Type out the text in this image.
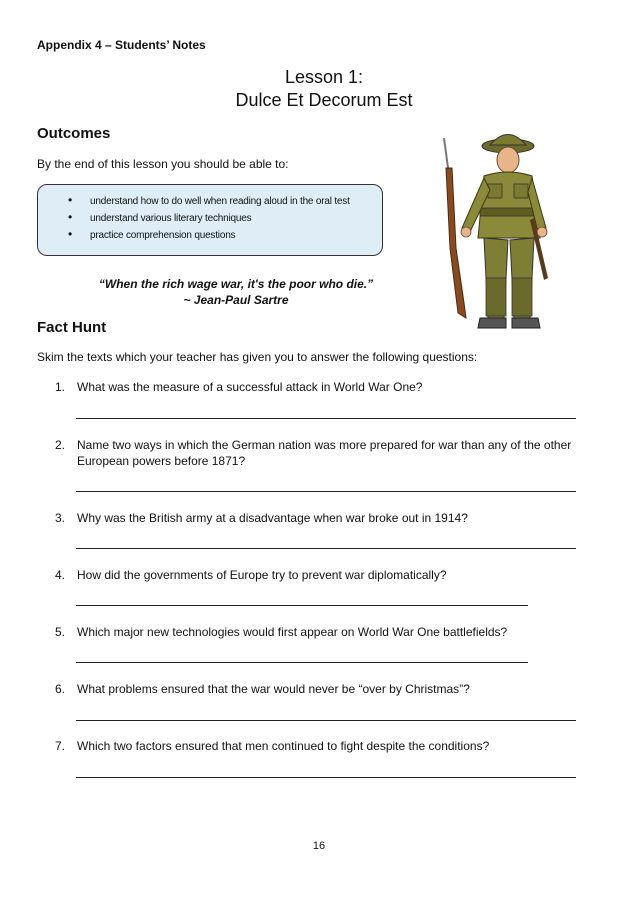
Appendix 4 – Students’ Notes
Lesson 1:
Dulce Et Decorum Est
Outcomes
By the end of this lesson you should be able to:
• understand how to do well when reading aloud in the oral test
• understand various literary techniques
• practice comprehension questions
“When the rich wage war, it's the poor who die.”
~ Jean-Paul Sartre
Fact Hunt
Skim the texts which your teacher has given you to answer the following questions:
1. What was the measure of a successful attack in World War One?
2. Name two ways in which the German nation was more prepared for war than any of the other European powers before 1871?
3. Why was the British army at a disadvantage when war broke out in 1914?
4. How did the governments of Europe try to prevent war diplomatically?
5. Which major new technologies would first appear on World War One battlefields?
6. What problems ensured that the war would never be “over by Christmas”?
7. Which two factors ensured that men continued to fight despite the conditions?
16
